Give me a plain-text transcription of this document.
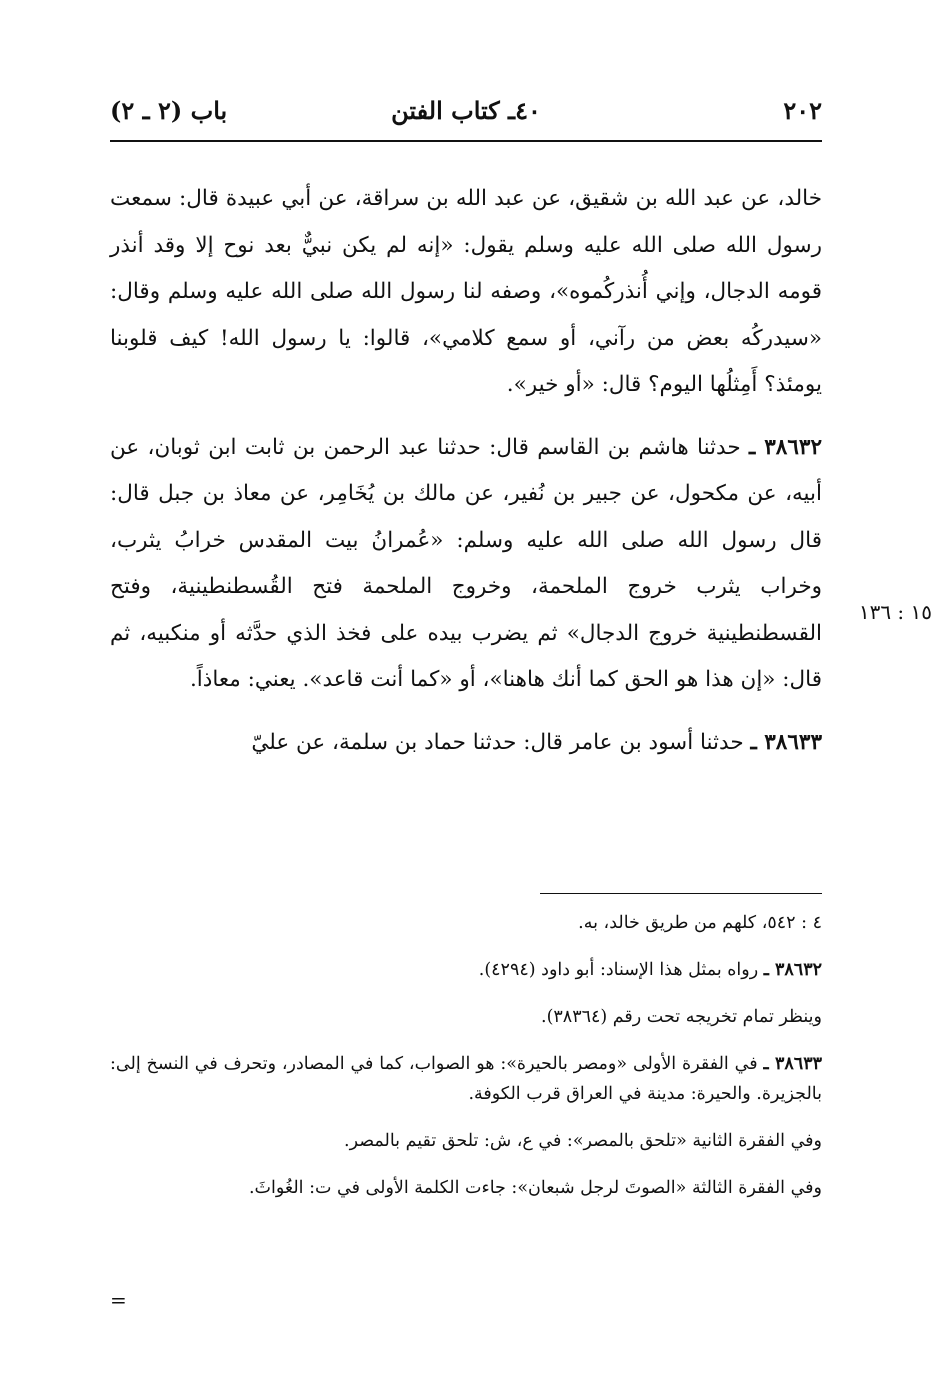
٢٠٢
٤٠ـ كتاب الفتن
باب (٢ ـ ٢)

خالد، عن عبد الله بن شقيق، عن عبد الله بن سراقة، عن أبي عبيدة قال: سمعت رسول الله صلى الله عليه وسلم يقول: «إنه لم يكن نبيٌّ بعد نوح إلا وقد أنذر قومه الدجال، وإني أُنذركُموه»، وصفه لنا رسول الله صلى الله عليه وسلم وقال: «سيدركُه بعض من رآني، أو سمع كلامي»، قالوا: يا رسول الله! كيف قلوبنا يومئذ؟ أَمِثلُها اليوم؟ قال: «أو خير».

٣٨٦٣٢ ـ حدثنا هاشم بن القاسم قال: حدثنا عبد الرحمن بن ثابت ابن ثوبان، عن أبيه، عن مكحول، عن جبير بن نُفير، عن مالك بن يُخَامِر، عن معاذ بن جبل قال: قال رسول الله صلى الله عليه وسلم: «عُمرانُ بيت المقدس خرابُ يثرب، وخراب يثرب خروج الملحمة، وخروج الملحمة فتح القُسطنطينية، وفتح القسطنطينية خروج الدجال» ثم يضرب بيده على فخذ الذي حدَّثه أو منكبيه، ثم قال: «إن هذا هو الحق كما أنك هاهنا»، أو «كما أنت قاعد». يعني: معاذاً.

٣٨٦٣٣ ـ حدثنا أسود بن عامر قال: حدثنا حماد بن سلمة، عن عليّ

١٥ : ١٣٦

٤ : ٥٤٢، كلهم من طريق خالد، به.

٣٨٦٣٢ ـ رواه بمثل هذا الإسناد: أبو داود (٤٢٩٤).

وينظر تمام تخريجه تحت رقم (٣٨٣٦٤).

٣٨٦٣٣ ـ في الفقرة الأولى «ومصر بالحيرة»: هو الصواب، كما في المصادر، وتحرف في النسخ إلى: بالجزيرة. والحيرة: مدينة في العراق قرب الكوفة.

وفي الفقرة الثانية «تلحق بالمصر»: في ع، ش: تلحق تقيم بالمصر.

وفي الفقرة الثالثة «الصوتَ لرجل شبعان»: جاءت الكلمة الأولى في ت: الغُواثَ.

=
